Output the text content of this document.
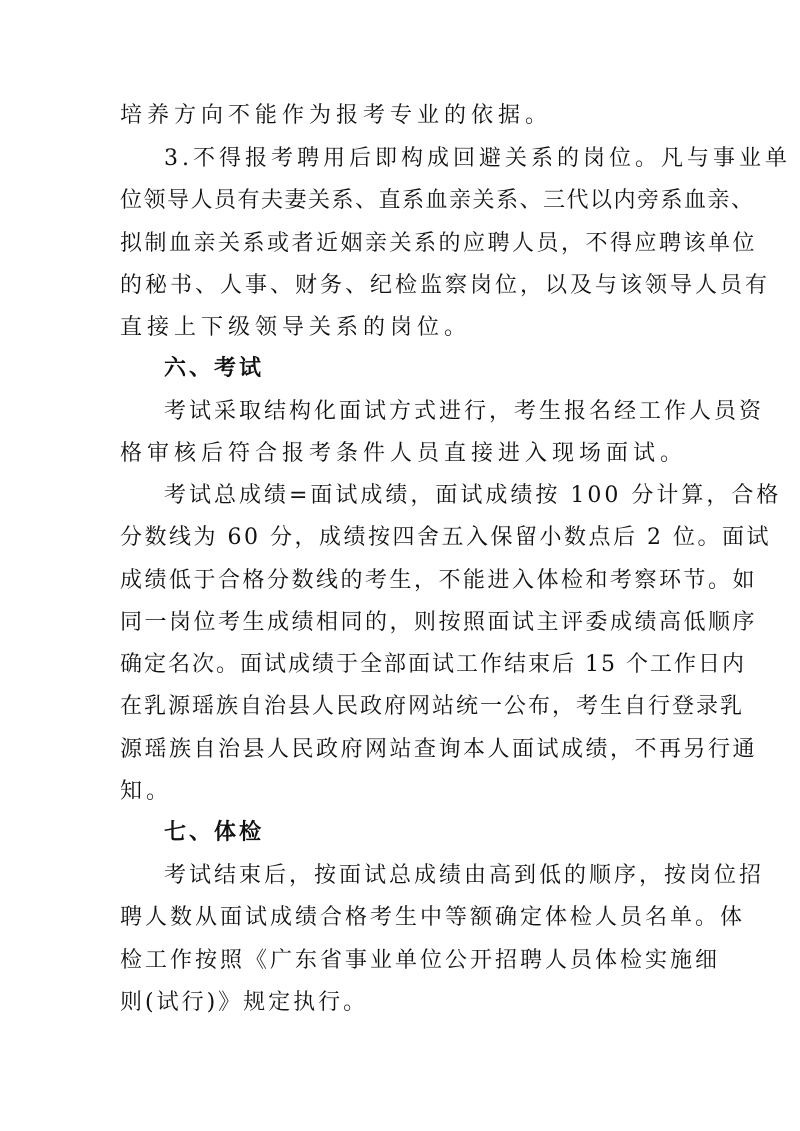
培养方向不能作为报考专业的依据。
3.不得报考聘用后即构成回避关系的岗位。凡与事业单
位领导人员有夫妻关系、直系血亲关系、三代以内旁系血亲、
拟制血亲关系或者近姻亲关系的应聘人员，不得应聘该单位
的秘书、人事、财务、纪检监察岗位，以及与该领导人员有
直接上下级领导关系的岗位。
六、考试
考试采取结构化面试方式进行，考生报名经工作人员资
格审核后符合报考条件人员直接进入现场面试。
考试总成绩=面试成绩，面试成绩按 100 分计算，合格
分数线为 60 分，成绩按四舍五入保留小数点后 2 位。面试
成绩低于合格分数线的考生，不能进入体检和考察环节。如
同一岗位考生成绩相同的，则按照面试主评委成绩高低顺序
确定名次。面试成绩于全部面试工作结束后 15 个工作日内
在乳源瑶族自治县人民政府网站统一公布，考生自行登录乳
源瑶族自治县人民政府网站查询本人面试成绩，不再另行通
知。
七、体检
考试结束后，按面试总成绩由高到低的顺序，按岗位招
聘人数从面试成绩合格考生中等额确定体检人员名单。体
检工作按照《广东省事业单位公开招聘人员体检实施细
则(试行)》规定执行。
